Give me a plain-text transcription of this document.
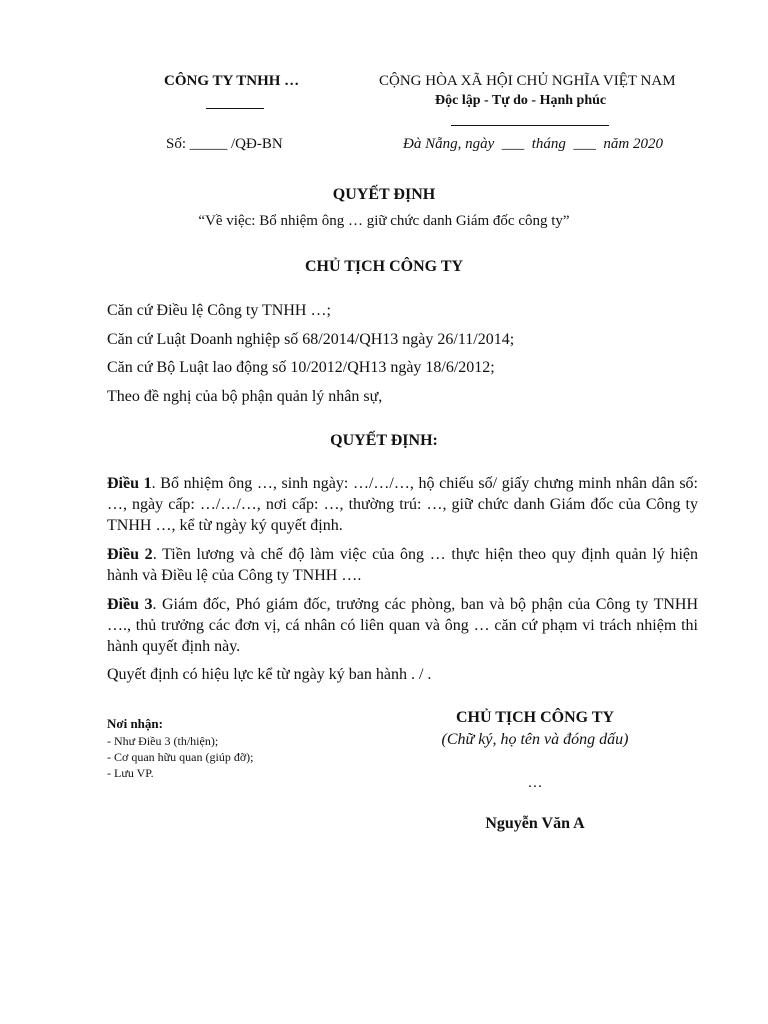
CÔNG TY TNHH …	CỘNG HÒA XÃ HỘI CHỦ NGHĨA VIỆT NAM
Độc lập - Tự do - Hạnh phúc
Số: _____ /QĐ-BN	Đà Nẵng, ngày  ___  tháng  ___  năm 2020
QUYẾT ĐỊNH
“Về việc: Bổ nhiệm ông … giữ chức danh Giám đốc công ty”
CHỦ TỊCH CÔNG TY
Căn cứ Điều lệ Công ty TNHH …;
Căn cứ Luật Doanh nghiệp số 68/2014/QH13 ngày 26/11/2014;
Căn cứ Bộ Luật lao động số 10/2012/QH13 ngày 18/6/2012;
Theo đề nghị của bộ phận quản lý nhân sự,
QUYẾT ĐỊNH:
Điều 1. Bổ nhiệm ông …, sinh ngày: …/…/…, hộ chiếu số/ giấy chưng minh nhân dân số: …, ngày cấp: …/…/…, nơi cấp: …, thường trú: …, giữ chức danh Giám đốc của Công ty TNHH …, kể từ ngày ký quyết định.
Điều 2. Tiền lương và chế độ làm việc của ông … thực hiện theo quy định quản lý hiện hành và Điều lệ của Công ty TNHH ….
Điều 3. Giám đốc, Phó giám đốc, trưởng các phòng, ban và bộ phận của Công ty TNHH …., thủ trưởng các đơn vị, cá nhân có liên quan và ông … căn cứ phạm vi trách nhiệm thi hành quyết định này.
Quyết định có hiệu lực kể từ ngày ký ban hành . / .
Nơi nhận:
- Như Điều 3 (th/hiện);
- Cơ quan hữu quan (giúp đỡ);
- Lưu VP.
CHỦ TỊCH CÔNG TY
(Chữ ký, họ tên và đóng dấu)
…
Nguyễn Văn A
